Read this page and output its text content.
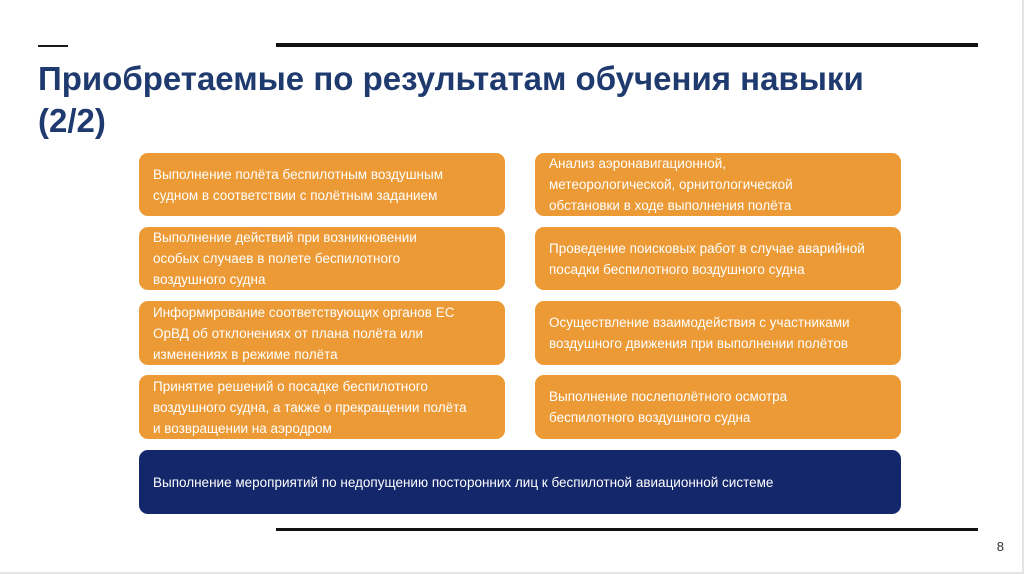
Приобретаемые по результатам обучения навыки
(2/2)
Выполнение полёта беспилотным воздушным судном в соответствии с полётным заданием
Выполнение действий при возникновении особых случаев в полете беспилотного воздушного судна
Информирование соответствующих органов ЕС ОрВД об отклонениях от плана полёта или изменениях в режиме полёта
Принятие решений о посадке беспилотного воздушного судна, а также о прекращении полёта и возвращении на аэродром
Анализ аэронавигационной, метеорологической, орнитологической обстановки в ходе выполнения полёта
Проведение поисковых работ в случае аварийной посадки беспилотного воздушного судна
Осуществление взаимодействия с участниками воздушного движения при выполнении полётов
Выполнение послеполётного осмотра беспилотного воздушного судна
Выполнение мероприятий по недопущению посторонних лиц к беспилотной авиационной системе
8
